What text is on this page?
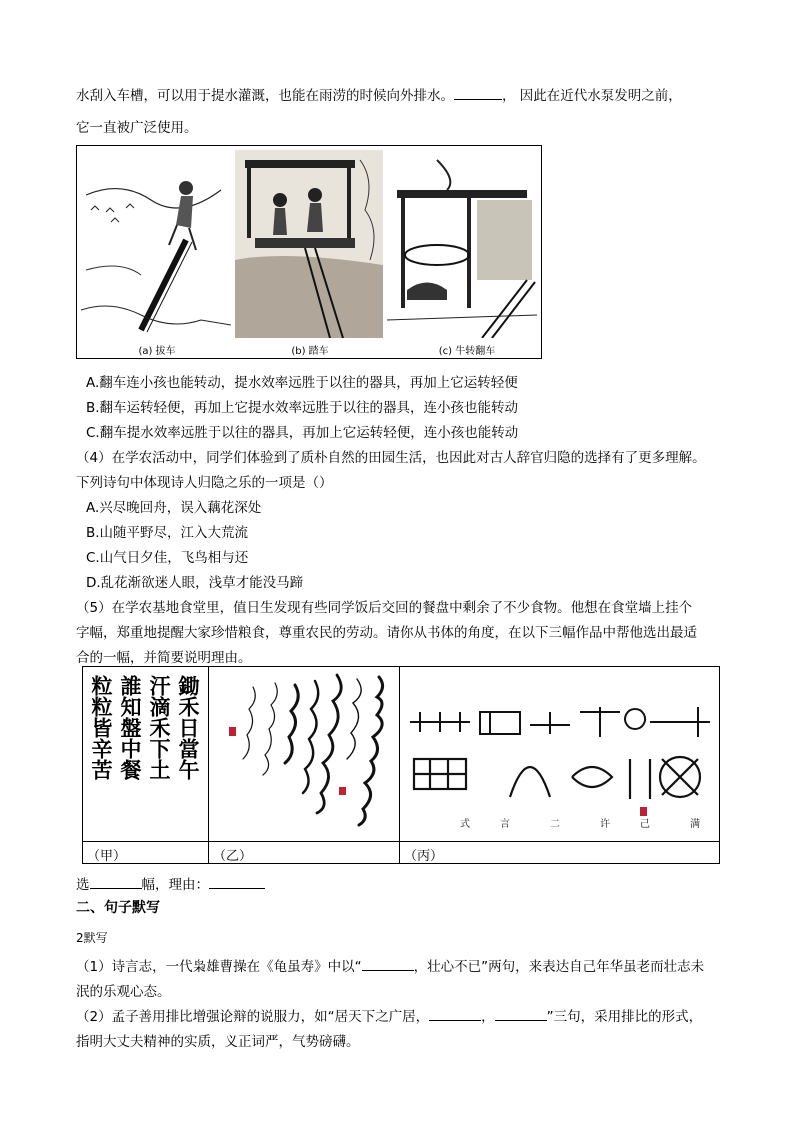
水刮入车槽，可以用于提水灌溉，也能在雨涝的时候向外排水。	， 因此在近代水泵发明之前，
它一直被广泛使用。
(a) 拔车	(b) 踏车	(c) 牛转翻车
A.翻车连小孩也能转动，提水效率远胜于以往的器具，再加上它运转轻便
B.翻车运转轻便，再加上它提水效率远胜于以往的器具，连小孩也能转动
C.翻车提水效率远胜于以往的器具，再加上它运转轻便，连小孩也能转动
（4）在学农活动中，同学们体验到了质朴自然的田园生活，也因此对古人辞官归隐的选择有了更多理解。
下列诗句中体现诗人归隐之乐的一项是（）
A.兴尽晚回舟，误入藕花深处
B.山随平野尽，江入大荒流
C.山气日夕佳，飞鸟相与还
D.乱花渐欲迷人眼，浅草才能没马蹄
（5）在学农基地食堂里，值日生发现有些同学饭后交回的餐盘中剩余了不少食物。他想在食堂墙上挂个
字幅，郑重地提醒大家珍惜粮食，尊重农民的劳动。请你从书体的角度，在以下三幅作品中帮他选出最适
合的一幅，并简要说明理由。
鋤禾日當午
汗滴禾下土
誰知盤中餐
粒粒皆辛苦
式	言	二	许	己	满
（甲）	（乙）	（丙）
选	幅，理由：
二、句子默写
2默写
（1）诗言志，一代枭雄曹操在《龟虽寿》中以“	，壮心不已”两句，来表达自己年华虽老而壮志未
泯的乐观心态。
（2）孟子善用排比增强论辩的说服力，如“居天下之广居，	，	”三句，采用排比的形式，
指明大丈夫精神的实质，义正词严，气势磅礴。
